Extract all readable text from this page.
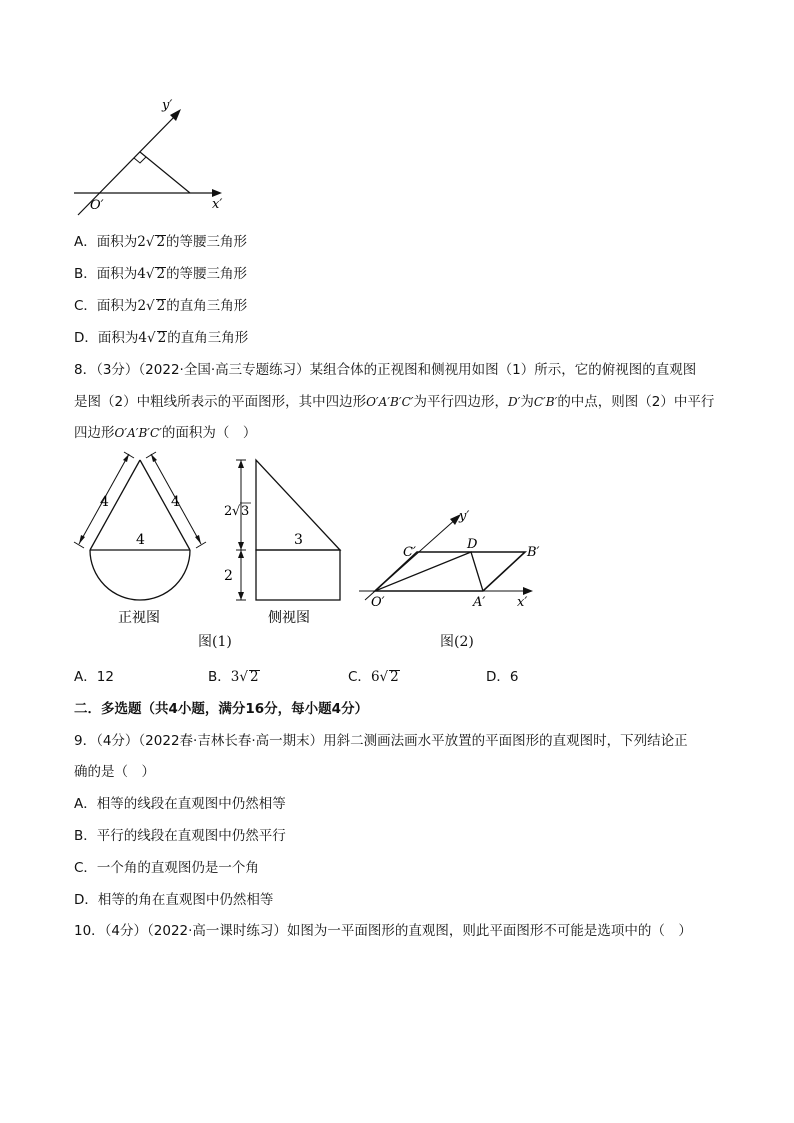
y′
x′
O′
A．面积为2√ 2的等腰三角形
B．面积为4√ 2的等腰三角形
C．面积为2√ 2的直角三角形
D．面积为4√ 2的直角三角形
8．（3分）（2022·全国·高三专题练习）某组合体的正视图和侧视用如图（1）所示，它的俯视图的直观图
是图（2）中粗线所表示的平面图形，其中四边形O′A′B′C′为平行四边形，D′为C′B′的中点，则图（2）中平行
四边形O′A′B′C′的面积为（　）
4	4
4
正视图
2 √ 3
3
2
侧视图
图(1)
y′
x′
O′	A′
B′
C′
D
图(2)
A．12	B．3√ 2	C．6√ 2	D．6
二．多选题（共4小题，满分16分，每小题4分）
9．（4分）（2022春·吉林长春·高一期末）用斜二测画法画水平放置的平面图形的直观图时，下列结论正
确的是（　）
A．相等的线段在直观图中仍然相等
B．平行的线段在直观图中仍然平行
C．一个角的直观图仍是一个角
D．相等的角在直观图中仍然相等
10．（4分）（2022·高一课时练习）如图为一平面图形的直观图，则此平面图形不可能是选项中的（　）
